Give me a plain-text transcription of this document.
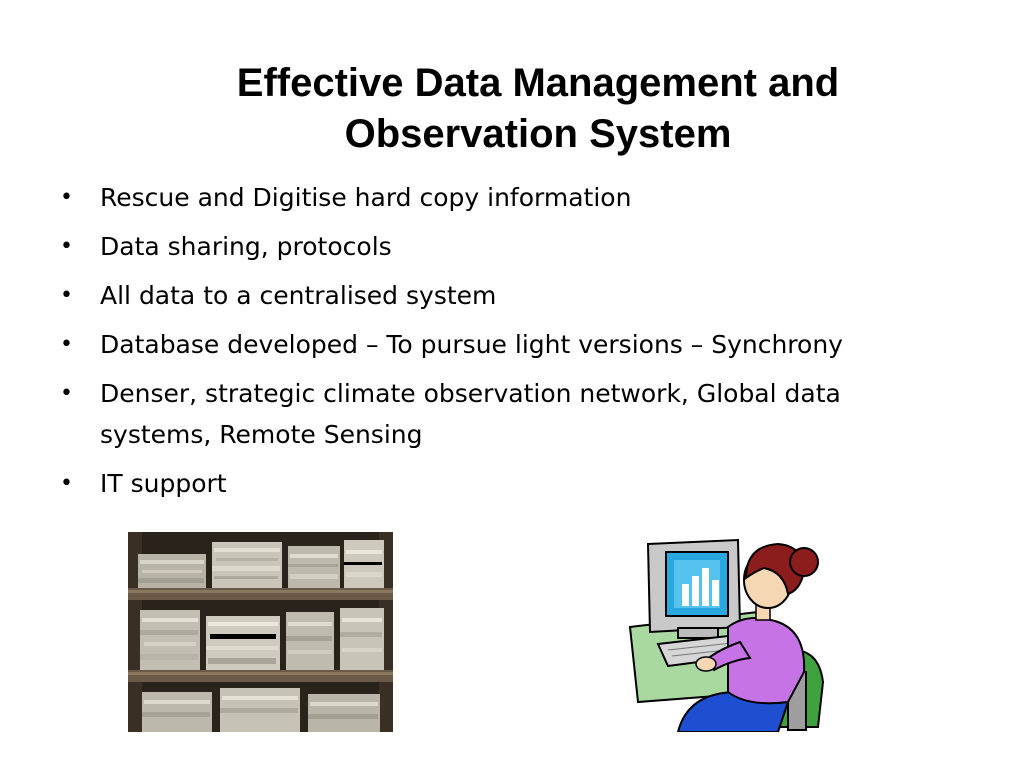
Effective Data Management and
Observation System
• Rescue and Digitise hard copy information
• Data sharing, protocols
• All data to a centralised system
• Database developed – To pursue light versions – Synchrony
• Denser, strategic climate observation network, Global data systems, Remote Sensing
• IT support
